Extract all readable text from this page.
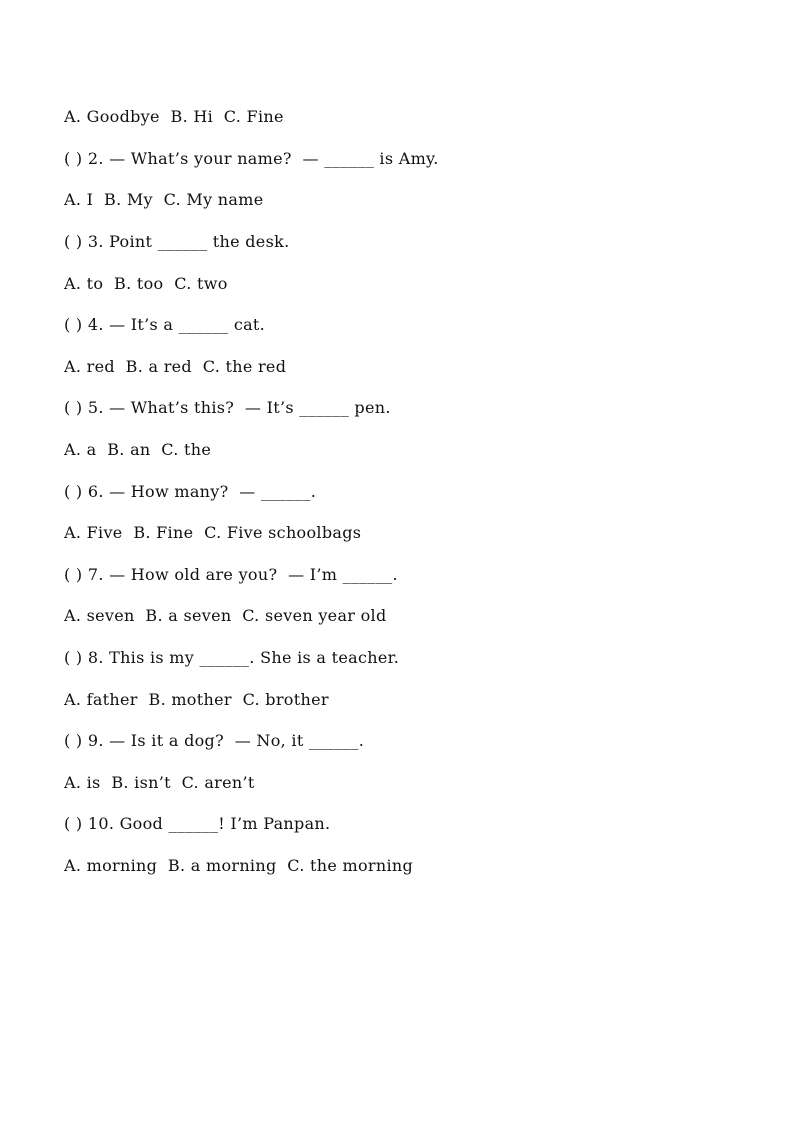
A. Goodbye  B. Hi  C. Fine
( ) 2. — What’s your name?  — ______ is Amy.
A. I  B. My  C. My name
( ) 3. Point ______ the desk.
A. to  B. too  C. two
( ) 4. — It’s a ______ cat.
A. red  B. a red  C. the red
( ) 5. — What’s this?  — It’s ______ pen.
A. a  B. an  C. the
( ) 6. — How many?  — ______.
A. Five  B. Fine  C. Five schoolbags
( ) 7. — How old are you?  — I’m ______.
A. seven  B. a seven  C. seven year old
( ) 8. This is my ______. She is a teacher.
A. father  B. mother  C. brother
( ) 9. — Is it a dog?  — No, it ______.
A. is  B. isn’t  C. aren’t
( ) 10. Good ______! I’m Panpan.
A. morning  B. a morning  C. the morning
